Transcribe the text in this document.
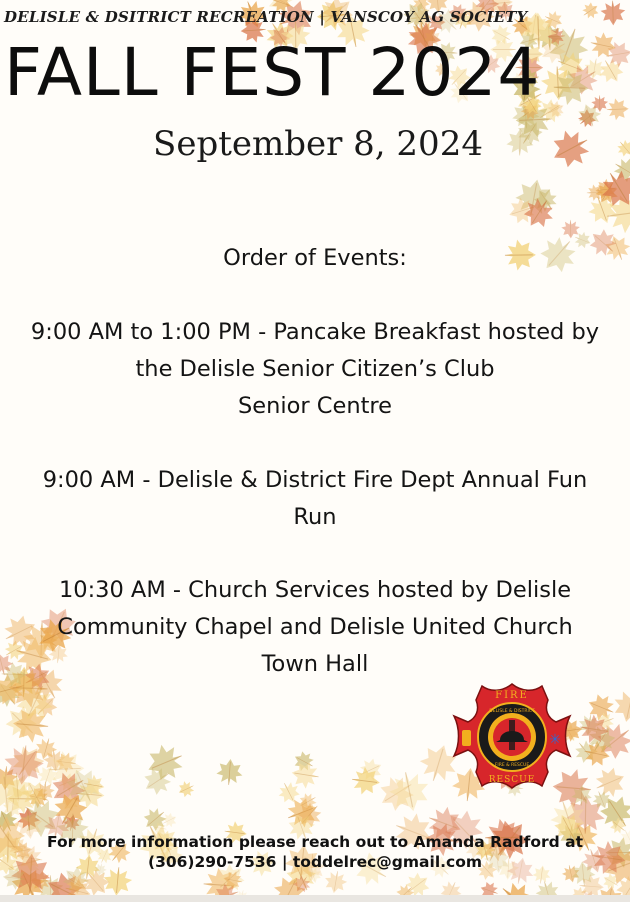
DELISLE & DSITRICT RECREATION | VANSCOY AG SOCIETY
FALL FEST 2024
September 8, 2024
Order of Events:
9:00 AM to 1:00 PM - Pancake Breakfast hosted by
the Delisle Senior Citizen’s Club
Senior Centre
9:00 AM - Delisle & District Fire Dept Annual Fun
Run
10:30 AM - Church Services hosted by Delisle
Community Chapel and Delisle United Church
Town Hall
✳
FIRE
RESCUE
DELISLE & DISTRICT
FIRE & RESCUE
For more information please reach out to Amanda Radford at
(306)290-7536 | toddelrec@gmail.com
